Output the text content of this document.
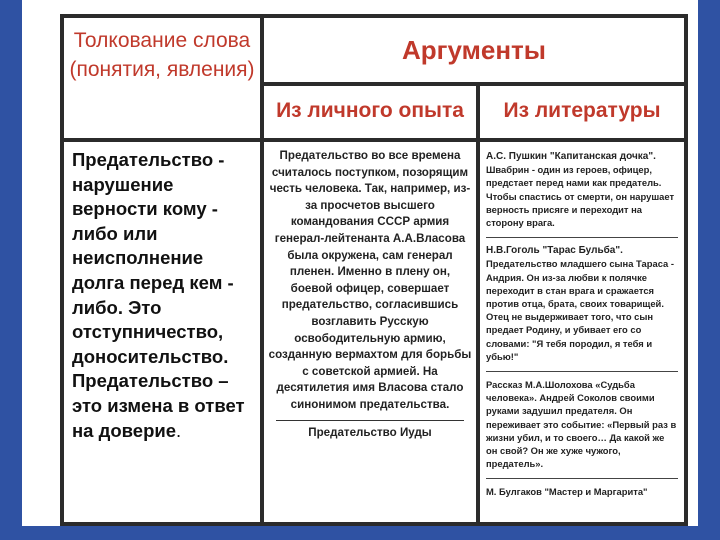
Толкование слова (понятия, явления)
Аргументы
Из личного опыта	Из литературы
Предательство - нарушение верности кому - либо или неисполнение долга перед кем - либо. Это отступничество, доносительство. Предательство – это измена в ответ на доверие.
Предательство во все времена считалось поступком, позорящим честь человека. Так, например, из-за просчетов высшего командования СССР армия генерал-лейтенанта А.А.Власова была окружена, сам генерал пленен. Именно в плену он, боевой офицер, совершает предательство, согласившись возглавить Русскую освободительную армию, созданную вермахтом для борьбы с советской армией. На десятилетия имя Власова стало синонимом предательства.
Предательство Иуды
А.С. Пушкин "Капитанская дочка".
Швабрин - один из героев, офицер, предстает перед нами как предатель. Чтобы спастись от смерти, он нарушает верность присяге и переходит на сторону врага.
Н.В.Гоголь "Тарас Бульба".
Предательство младшего сына Тараса - Андрия. Он из-за любви к полячке переходит в стан врага и сражается против отца, брата, своих товарищей. Отец не выдерживает того, что сын предает Родину, и убивает его со словами: "Я тебя породил, я тебя и убью!"
Рассказ М.А.Шолохова «Судьба человека». Андрей Соколов своими руками задушил предателя. Он переживает это событие: «Первый раз в жизни убил, и то своего… Да какой же он свой? Он же хуже чужого, предатель».
М. Булгаков "Мастер и Маргарита"
